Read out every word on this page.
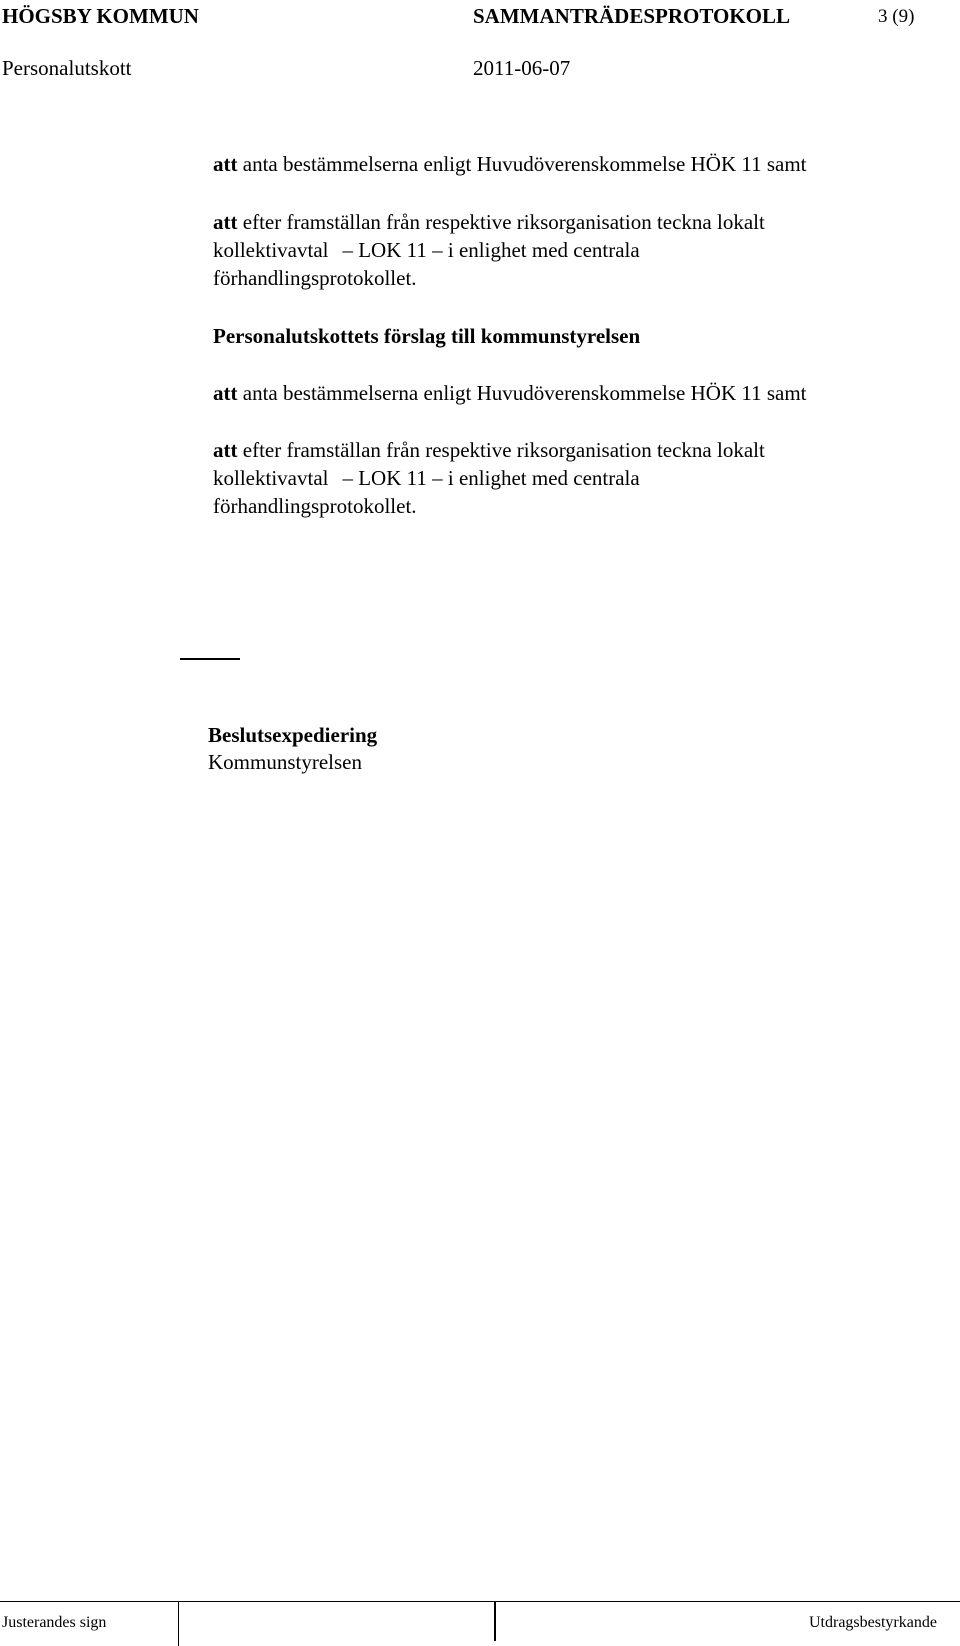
HÖGSBY KOMMUN	SAMMANTRÄDESPROTOKOLL	3 (9)
Personalutskott	2011-06-07
att anta bestämmelserna enligt Huvudöverenskommelse HÖK 11 samt
att efter framställan från respektive riksorganisation teckna lokalt
kollektivavtal – LOK 11 – i enlighet med centrala
förhandlingsprotokollet.
Personalutskottets förslag till kommunstyrelsen
att anta bestämmelserna enligt Huvudöverenskommelse HÖK 11 samt
att efter framställan från respektive riksorganisation teckna lokalt
kollektivavtal – LOK 11 – i enlighet med centrala
förhandlingsprotokollet.
Beslutsexpediering
Kommunstyrelsen
Justerandes sign	Utdragsbestyrkande
